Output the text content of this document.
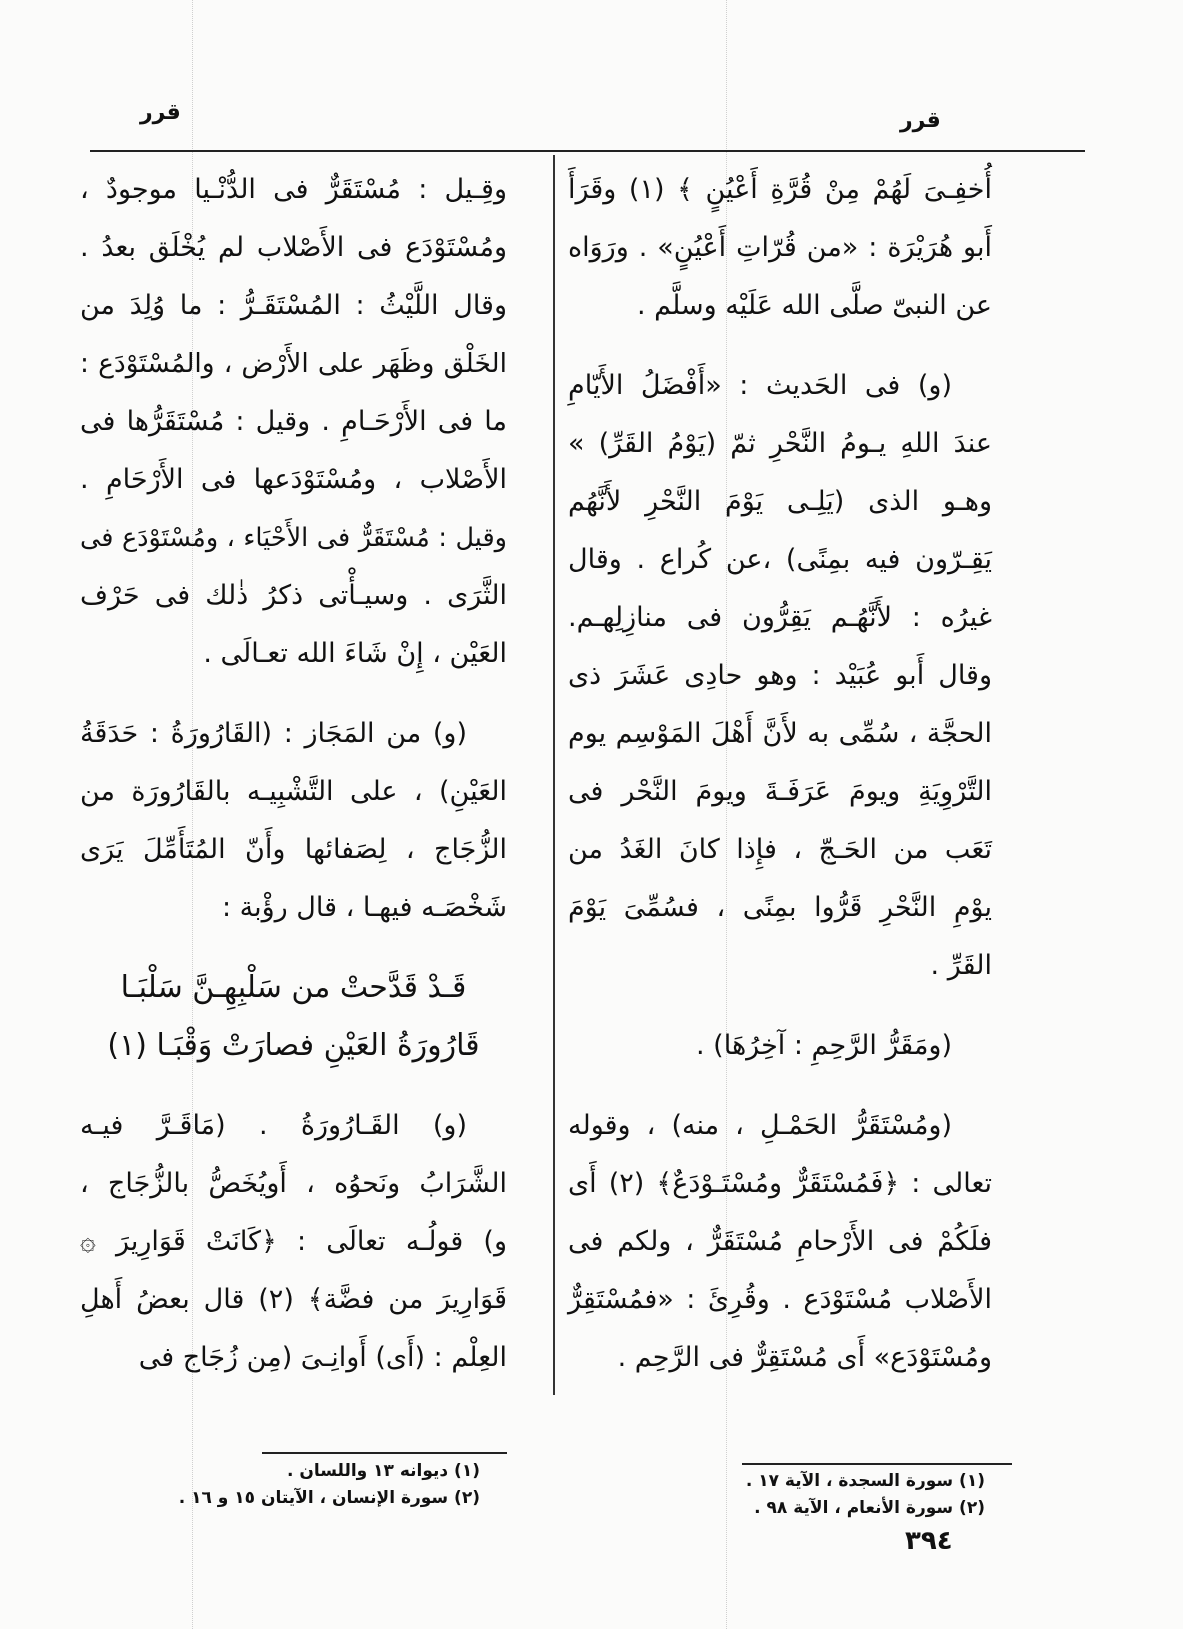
قرر
قرر
أُخفِـىَ لَهُمْ مِنْ قُرَّةِ أَعْيُنٍ ﴾ (١) وقَرَأَ
أَبو هُرَيْرَة : «من قُرّاتِ أَعْيُنٍ» . ورَوَاه
عن النبىّ صلَّى الله عَلَيْه وسلَّم .
(و) فى الحَديث : «أَفْضَلُ الأَيّامِ
عندَ اللهِ يـومُ النَّحْرِ ثمّ (يَوْمُ القَرِّ) »
وهـو الذى (يَلِـى يَوْمَ النَّحْرِ لأَنَّهُم
يَقِـرّون فيه بمِنًى) ،عن كُراع . وقال
غيرُه : لأَنَّهُـم يَقِرُّون فى منازِلِهـم.
وقال أَبو عُبَيْد : وهو حادِى عَشَرَ ذى
الحجَّة ، سُمِّى به لأَنَّ أَهْلَ المَوْسِم يوم
التَّرْوِيَةِ ويومَ عَرَفَـةَ ويومَ النَّحْر فى
تَعَب من الحَـجّ ، فإِذا كانَ الغَدُ من
يوْمِ النَّحْرِ قَرُّوا بمِنًى ، فسُمِّىَ يَوْمَ
القَرِّ .
(ومَقَرُّ الرَّحِمِ : آخِرُهَا) .
(ومُسْتَقَرُّ الحَمْـلِ ، منه) ، وقوله
تعالى : ﴿فَمُسْتَقَرٌّ ومُسْتَـوْدَعٌ﴾ (٢) أَى
فلَكُمْ فى الأَرْحامِ مُسْتَقَرٌّ ، ولكم فى
الأَصْلاب مُسْتَوْدَع . وقُرِئَ : «فمُسْتَقِرٌّ
ومُسْتَوْدَع» أَى مُسْتَقِرٌّ فى الرَّحِم .
وقِـيل : مُسْتَقَرٌّ فى الدُّنْـيا موجودٌ ،
ومُسْتَوْدَع فى الأَصْلاب لم يُخْلَق بعدُ .
وقال اللَّيْثُ : المُسْتَقَـرُّ : ما وُلِدَ من
الخَلْق وظَهَر على الأَرْض ، والمُسْتَوْدَع :
ما فى الأَرْحَـامِ . وقيل : مُسْتَقَرُّها فى
الأَصْلاب ، ومُسْتَوْدَعها فى الأَرْحَامِ .
وقيل : مُسْتَقَرٌّ فى الأَحْيَاء ، ومُسْتَوْدَع فى
الثَّرَى . وسيـأْتى ذكرُ ذٰلك فى حَرْف
العَيْن ، إِنْ شَاءَ الله تعـالَى .
(و) من المَجَاز : (القَارُورَةُ : حَدَقَةُ
العَيْنِ) ، على التَّشْبِيـه بالقَارُورَة من
الزُّجَاج ، لِصَفائها وأَنّ المُتَأَمِّلَ يَرَى
شَخْصَـه فيهـا ، قال رؤْبة :
قَـدْ قَدَّحتْ من سَلْبِهِـنَّ سَلْبَـا
قَارُورَةُ العَيْنِ فصارَتْ وَقْبَـا (١)
(و) القَـارُورَةُ . (مَاقَـرَّ فيـه
الشَّرَابُ ونَحوُه ، أَويُخَصُّ بالزُّجَاج ،
و) قولُـه تعالَى : ﴿كَانَتْ قَوَارِيرَ ۞
قَوَارِيرَ من فضَّة﴾ (٢) قال بعضُ أَهلِ
العِلْم : (أَى) أَوانِـىَ (مِن زُجَاج فى
(١) سورة السجدة ، الآية ١٧ .
(٢) سورة الأنعام ، الآية ٩٨ .
(١) ديوانه ١٣ واللسان .
(٢) سورة الإنسان ، الآيتان ١٥ و ١٦ .
٣٩٤
